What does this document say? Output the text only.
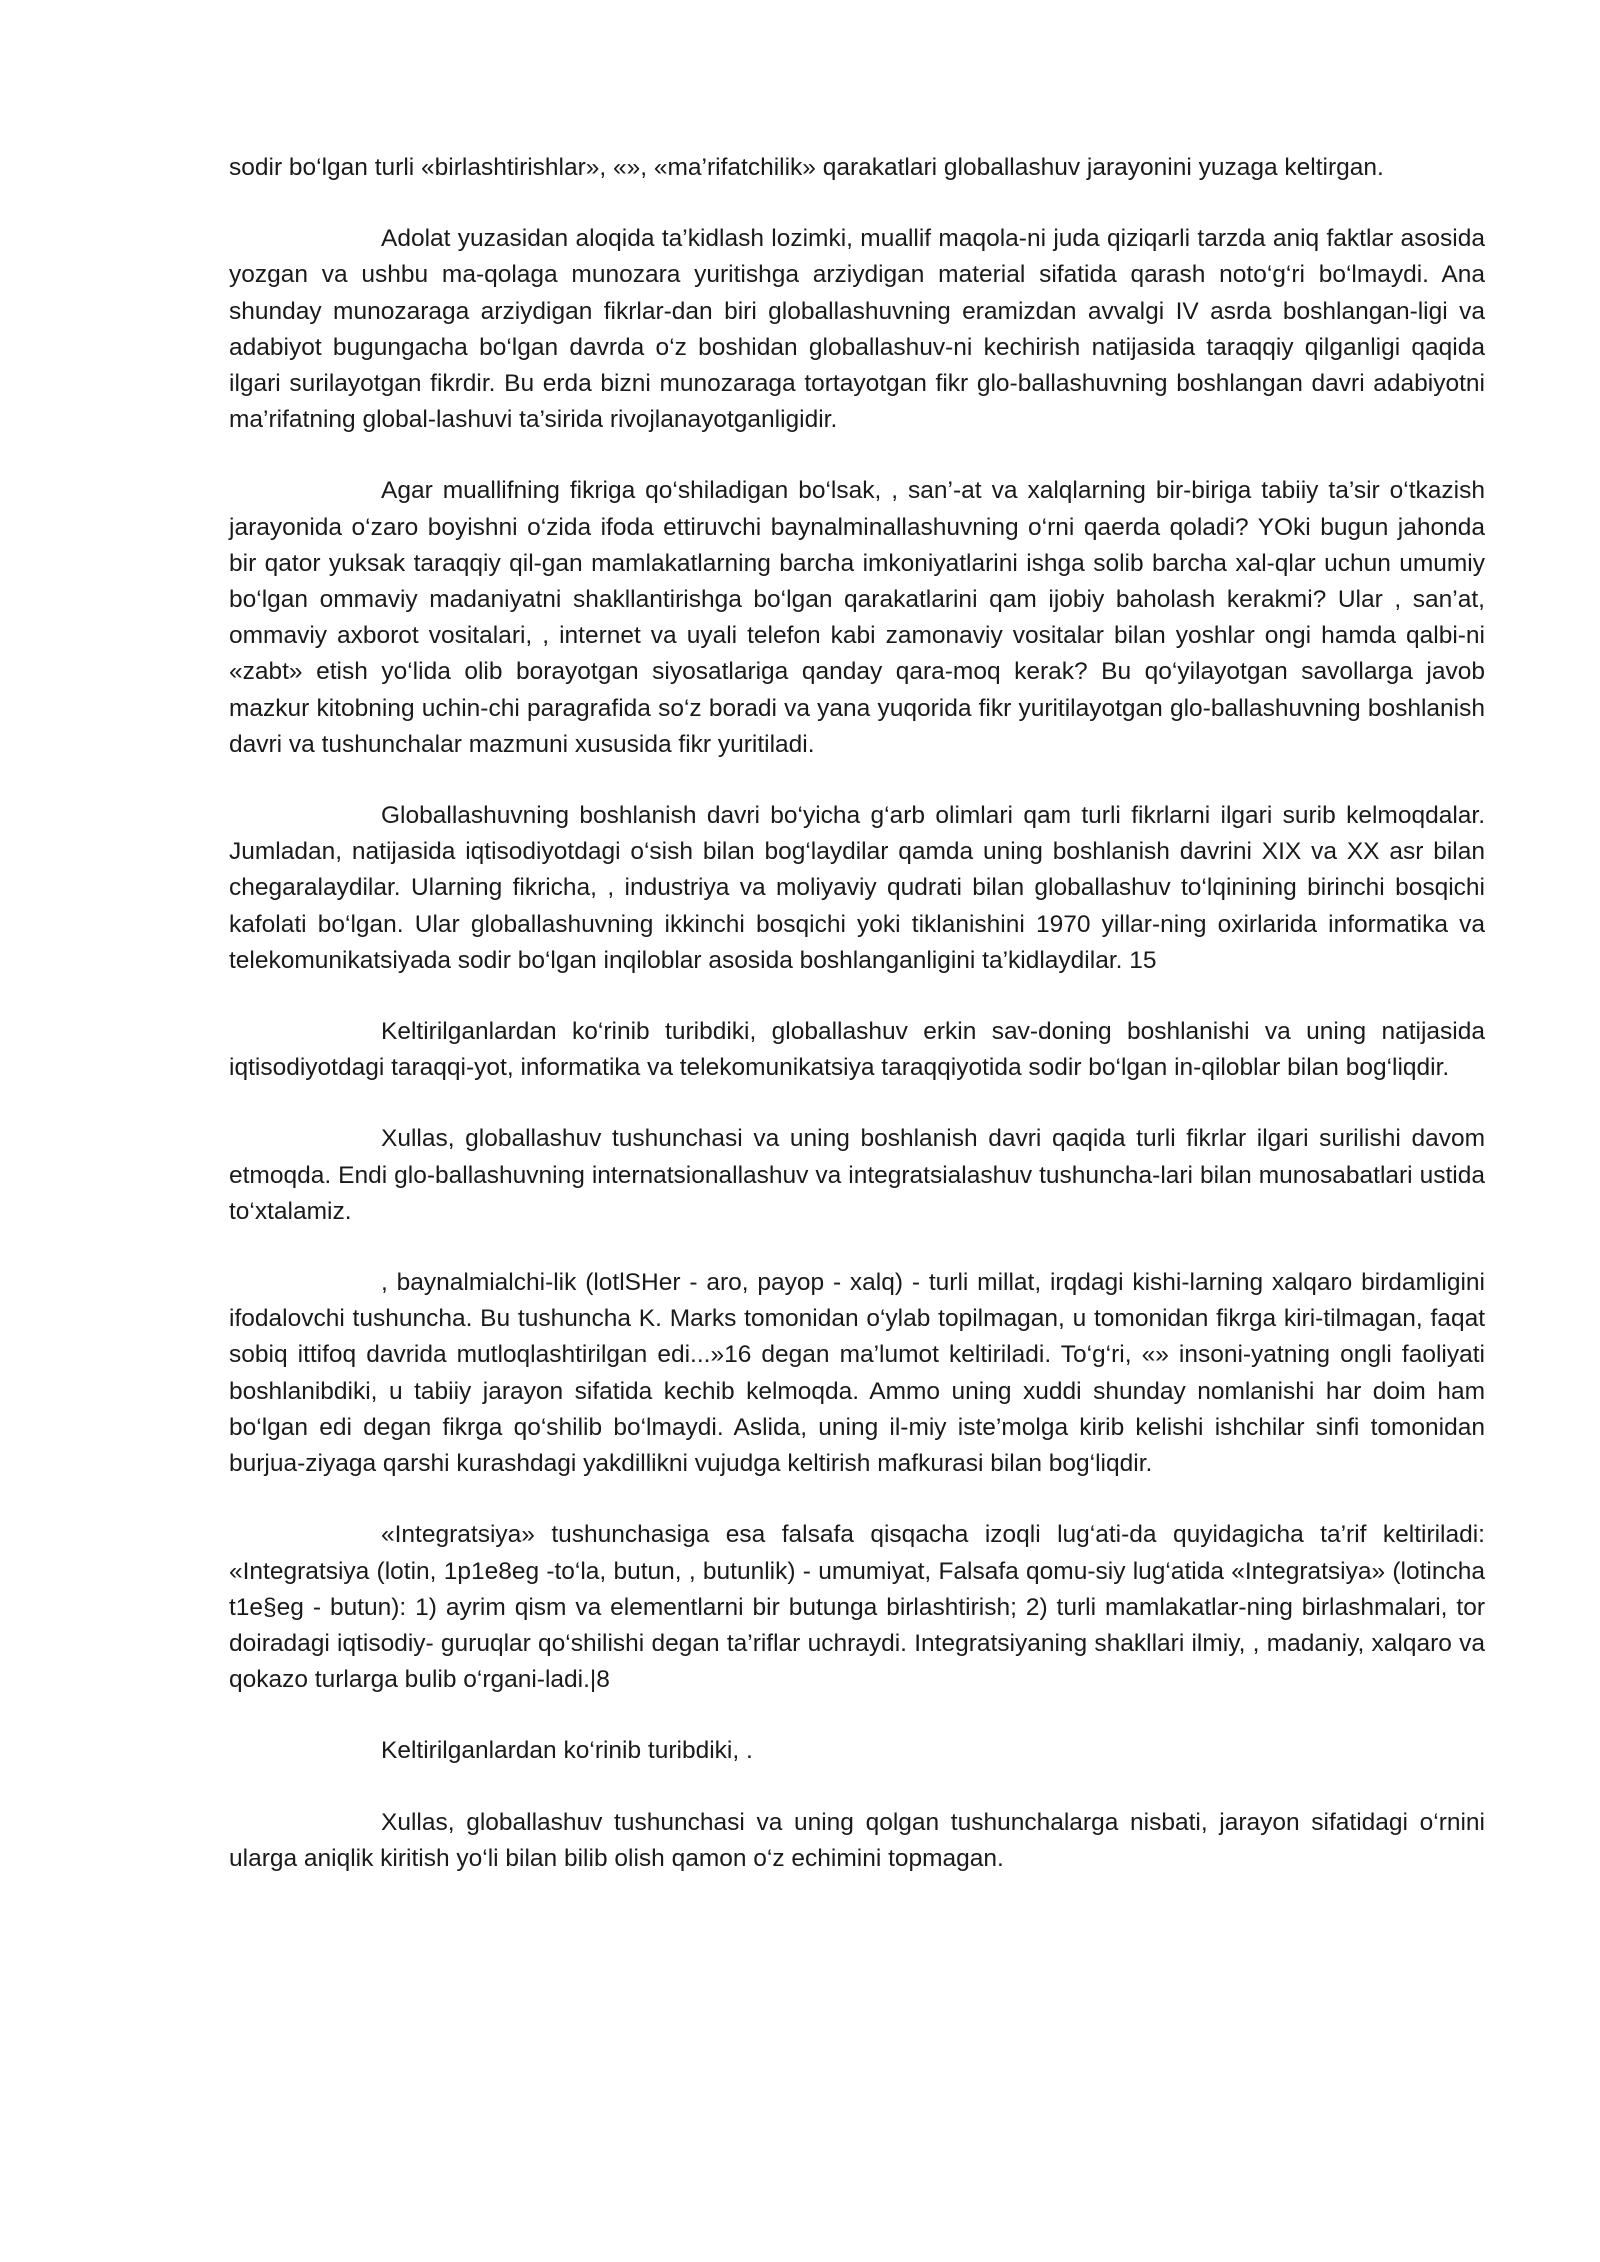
sodir bo‘lgan turli «birlashtirishlar», «», «ma’rifatchilik» qarakatlari globallashuv jarayonini yuzaga keltirgan.

Adolat yuzasidan aloqida ta’kidlash lozimki, muallif maqola-ni juda qiziqarli tarzda aniq faktlar asosida yozgan va ushbu ma-qolaga munozara yuritishga arziydigan material sifatida qarash noto‘g‘ri bo‘lmaydi. Ana shunday munozaraga arziydigan fikrlar-dan biri globallashuvning eramizdan avvalgi IV asrda boshlangan-ligi va adabiyot bugungacha bo‘lgan davrda o‘z boshidan globallashuv-ni kechirish natijasida taraqqiy qilganligi qaqida ilgari surilayotgan fikrdir. Bu erda bizni munozaraga tortayotgan fikr glo-ballashuvning boshlangan davri adabiyotni ma’rifatning global-lashuvi ta’sirida rivojlanayotganligidir.

Agar muallifning fikriga qo‘shiladigan bo‘lsak, , san’-at va xalqlarning bir-biriga tabiiy ta’sir o‘tkazish jarayonida o‘zaro boyishni o‘zida ifoda ettiruvchi baynalminallashuvning o‘rni qaerda qoladi? YOki bugun jahonda bir qator yuksak taraqqiy qil-gan mamlakatlarning barcha imkoniyatlarini ishga solib barcha xal-qlar uchun umumiy bo‘lgan ommaviy madaniyatni shakllantirishga bo‘lgan qarakatlarini qam ijobiy baholash kerakmi? Ular , san’at, ommaviy axborot vositalari, , internet va uyali telefon kabi zamonaviy vositalar bilan yoshlar ongi hamda qalbi-ni «zabt» etish yo‘lida olib borayotgan siyosatlariga qanday qara-moq kerak? Bu qo‘yilayotgan savollarga javob mazkur kitobning uchin-chi paragrafida so‘z boradi va yana yuqorida fikr yuritilayotgan glo-ballashuvning boshlanish davri va tushunchalar mazmuni xususida fikr yuritiladi.

Globallashuvning boshlanish davri bo‘yicha g‘arb olimlari qam turli fikrlarni ilgari surib kelmoqdalar. Jumladan, natijasida iqtisodiyotdagi o‘sish bilan bog‘laydilar qamda uning boshlanish davrini XIX va XX asr bilan chegaralaydilar. Ularning fikricha, , industriya va moliyaviy qudrati bilan globallashuv to‘lqinining birinchi bosqichi kafolati bo‘lgan. Ular globallashuvning ikkinchi bosqichi yoki tiklanishini 1970 yillar-ning oxirlarida informatika va telekomunikatsiyada sodir bo‘lgan inqiloblar asosida boshlanganligini ta’kidlaydilar. 15

Keltirilganlardan ko‘rinib turibdiki, globallashuv erkin sav-doning boshlanishi va uning natijasida iqtisodiyotdagi taraqqi-yot, informatika va telekomunikatsiya taraqqiyotida sodir bo‘lgan in-qiloblar bilan bog‘liqdir.

Xullas, globallashuv tushunchasi va uning boshlanish davri qaqida turli fikrlar ilgari surilishi davom etmoqda. Endi glo-ballashuvning internatsionallashuv va integratsialashuv tushuncha-lari bilan munosabatlari ustida to‘xtalamiz.

, baynalmialchi-lik (lotlSHer - aro, payop - xalq) - turli millat, irqdagi kishi-larning xalqaro birdamligini ifodalovchi tushuncha. Bu tushuncha K. Marks tomonidan o‘ylab topilmagan, u tomonidan fikrga kiri-tilmagan, faqat sobiq ittifoq davrida mutloqlashtirilgan edi...»16 degan ma’lumot keltiriladi. To‘g‘ri, «» insoni-yatning ongli faoliyati boshlanibdiki, u tabiiy jarayon sifatida kechib kelmoqda. Ammo uning xuddi shunday nomlanishi har doim ham bo‘lgan edi degan fikrga qo‘shilib bo‘lmaydi. Aslida, uning il-miy iste’molga kirib kelishi ishchilar sinfi tomonidan burjua-ziyaga qarshi kurashdagi yakdillikni vujudga keltirish mafkurasi bilan bog‘liqdir.

«Integratsiya» tushunchasiga esa falsafa qisqacha izoqli lug‘ati-da quyidagicha ta’rif keltiriladi: «Integratsiya (lotin, 1p1e8eg -to‘la, butun, , butunlik) - umumiyat, Falsafa qomu-siy lug‘atida «Integratsiya» (lotincha t1e§eg - butun): 1) ayrim qism va elementlarni bir butunga birlashtirish; 2) turli mamlakatlar-ning birlashmalari, tor doiradagi iqtisodiy- guruqlar qo‘shilishi degan ta’riflar uchraydi. Integratsiyaning shakllari ilmiy, , madaniy, xalqaro va qokazo turlarga bulib o‘rgani-ladi.|8

Keltirilganlardan ko‘rinib turibdiki, .

Xullas, globallashuv tushunchasi va uning qolgan tushunchalarga nisbati, jarayon sifatidagi o‘rnini ularga aniqlik kiritish yo‘li bilan bilib olish qamon o‘z echimini topmagan.
